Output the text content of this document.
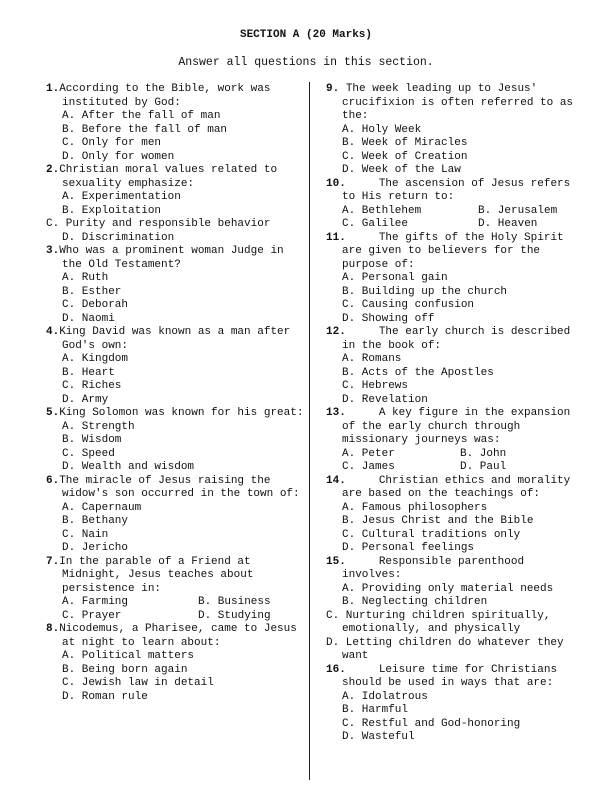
SECTION A (20 Marks)
Answer all questions in this section.
1.According to the Bible, work was instituted by God:
A. After the fall of man
B. Before the fall of man
C. Only for men
D. Only for women
2.Christian moral values related to sexuality emphasize:
A. Experimentation
B. Exploitation
C. Purity and responsible behavior
D. Discrimination
3.Who was a prominent woman Judge in the Old Testament?
A. Ruth
B. Esther
C. Deborah
D. Naomi
4.King David was known as a man after God's own:
A. Kingdom
B. Heart
C. Riches
D. Army
5.King Solomon was known for his great:
A. Strength
B. Wisdom
C. Speed
D. Wealth and wisdom
6.The miracle of Jesus raising the widow's son occurred in the town of:
A. Capernaum
B. Bethany
C. Nain
D. Jericho
7.In the parable of a Friend at Midnight, Jesus teaches about persistence in:
A. Farming	B. Business
C. Prayer	D. Studying
8.Nicodemus, a Pharisee, came to Jesus at night to learn about:
A. Political matters
B. Being born again
C. Jewish law in detail
D. Roman rule
9. The week leading up to Jesus' crucifixion is often referred to as the:
A. Holy Week
B. Week of Miracles
C. Week of Creation
D. Week of the Law
10.	The ascension of Jesus refers to His return to:
A. Bethlehem	B. Jerusalem
C. Galilee	D. Heaven
11.	The gifts of the Holy Spirit are given to believers for the purpose of:
A. Personal gain
B. Building up the church
C. Causing confusion
D. Showing off
12.	The early church is described in the book of:
A. Romans
B. Acts of the Apostles
C. Hebrews
D. Revelation
13.	A key figure in the expansion of the early church through missionary journeys was:
A. Peter	B. John
C. James	D. Paul
14.	Christian ethics and morality are based on the teachings of:
A. Famous philosophers
B. Jesus Christ and the Bible
C. Cultural traditions only
D. Personal feelings
15.	Responsible parenthood involves:
A. Providing only material needs
B. Neglecting children
C. Nurturing children spiritually, emotionally, and physically
D. Letting children do whatever they want
16.	Leisure time for Christians should be used in ways that are:
A. Idolatrous
B. Harmful
C. Restful and God-honoring
D. Wasteful
